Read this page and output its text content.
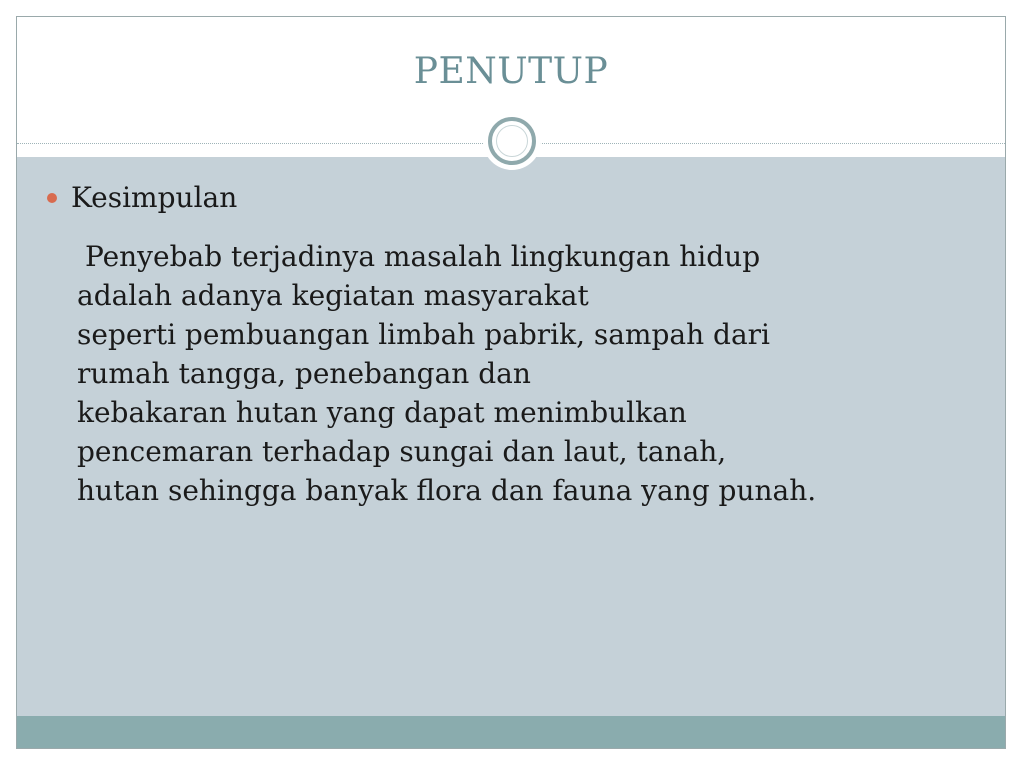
PENUTUP
Kesimpulan
Penyebab terjadinya masalah lingkungan hidup
adalah adanya kegiatan masyarakat
seperti pembuangan limbah pabrik, sampah dari
rumah tangga, penebangan dan
kebakaran hutan yang dapat menimbulkan
pencemaran terhadap sungai dan laut, tanah,
hutan sehingga banyak flora dan fauna yang punah.
